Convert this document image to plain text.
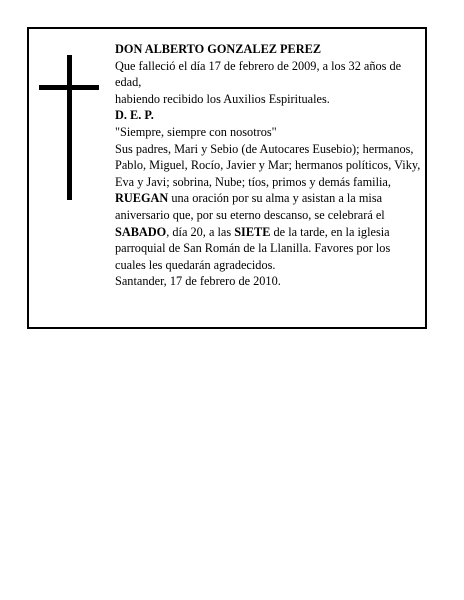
DON ALBERTO GONZALEZ PEREZ

Que falleció el día 17 de febrero de 2009, a los 32 años de edad,

habiendo recibido los Auxilios Espirituales.

D. E. P.

"Siempre, siempre con nosotros"

Sus padres, Mari y Sebio (de Autocares Eusebio); hermanos, Pablo, Miguel, Rocío, Javier y Mar; hermanos políticos, Viky, Eva y Javi; sobrina, Nube; tíos, primos y demás familia,

RUEGAN una oración por su alma y asistan a la misa aniversario que, por su eterno descanso, se celebrará el SABADO, día 20, a las SIETE de la tarde, en la iglesia parroquial de San Román de la Llanilla. Favores por los cuales les quedarán agradecidos.

Santander, 17 de febrero de 2010.
